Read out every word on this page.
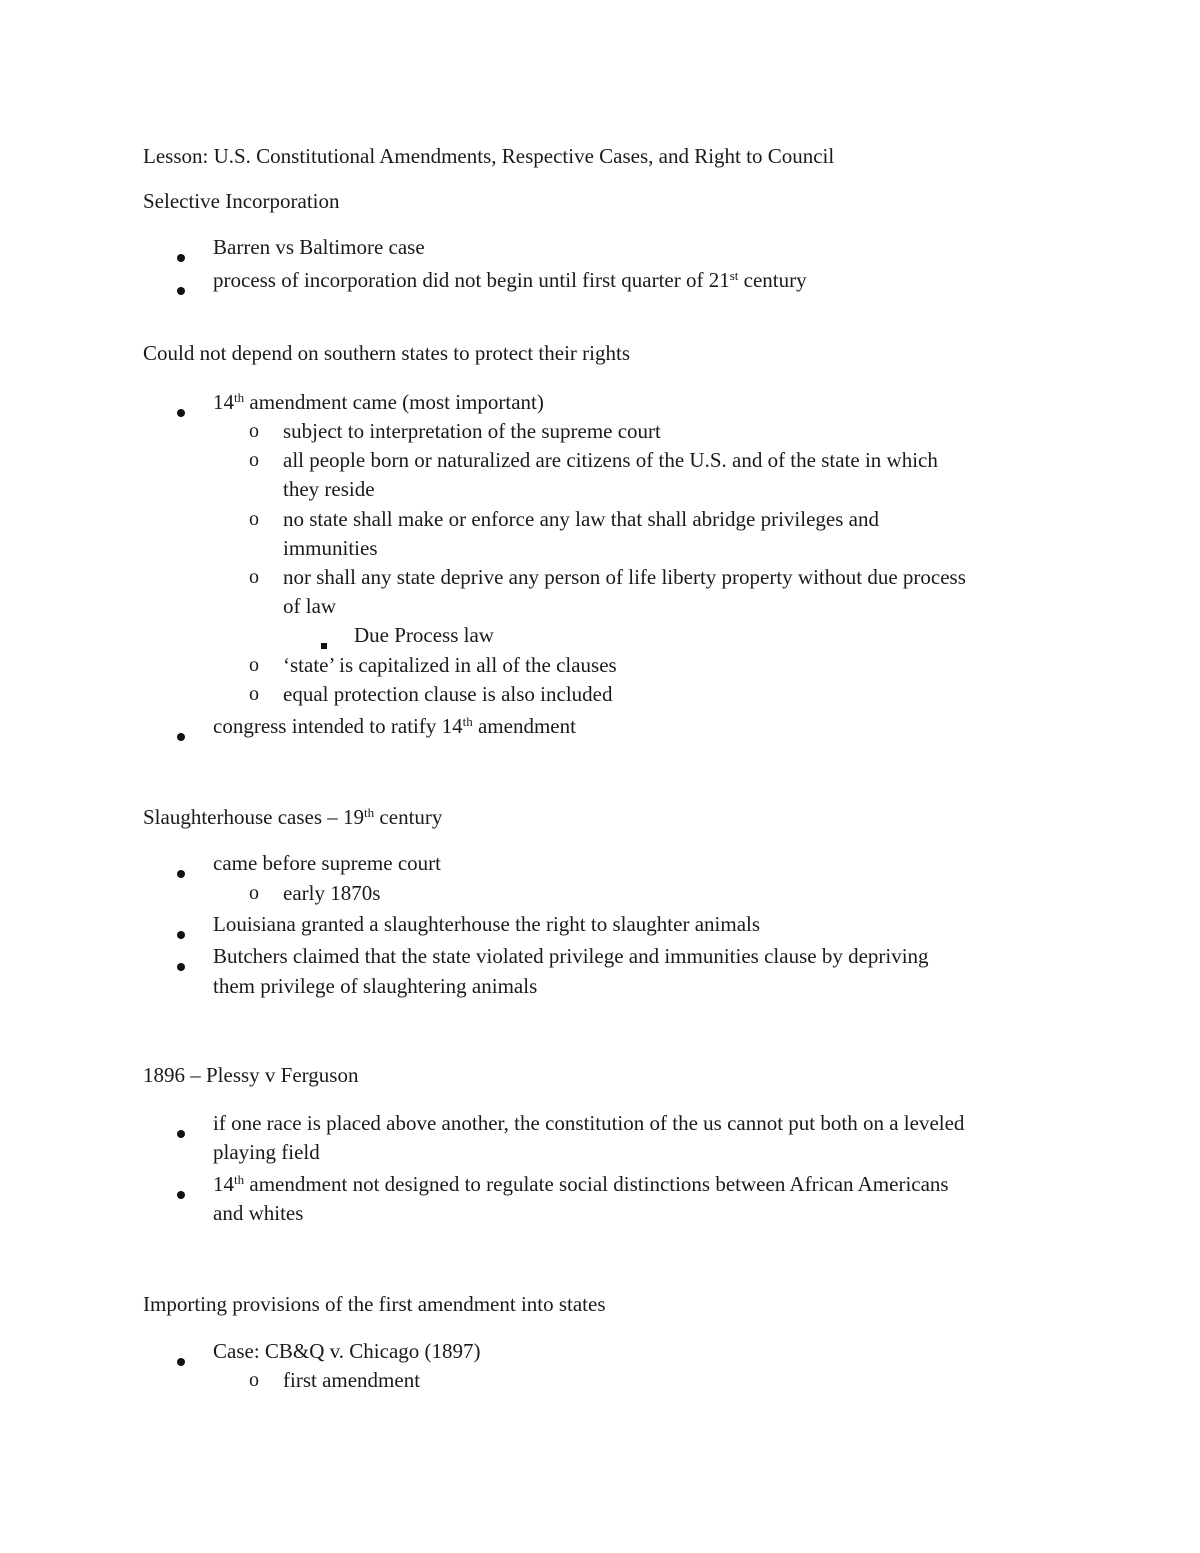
Lesson: U.S. Constitutional Amendments, Respective Cases, and Right to Council
Selective Incorporation
Barren vs Baltimore case
process of incorporation did not begin until first quarter of 21st century
Could not depend on southern states to protect their rights
14th amendment came (most important)
o subject to interpretation of the supreme court
o all people born or naturalized are citizens of the U.S. and of the state in which
they reside
o no state shall make or enforce any law that shall abridge privileges and
immunities
o nor shall any state deprive any person of life liberty property without due process
of law
Due Process law
o ‘state’ is capitalized in all of the clauses
o equal protection clause is also included
congress intended to ratify 14th amendment
Slaughterhouse cases – 19th century
came before supreme court
o early 1870s
Louisiana granted a slaughterhouse the right to slaughter animals
Butchers claimed that the state violated privilege and immunities clause by depriving
them privilege of slaughtering animals
1896 – Plessy v Ferguson
if one race is placed above another, the constitution of the us cannot put both on a leveled
playing field
14th amendment not designed to regulate social distinctions between African Americans
and whites
Importing provisions of the first amendment into states
Case: CB&Q v. Chicago (1897)
o first amendment
